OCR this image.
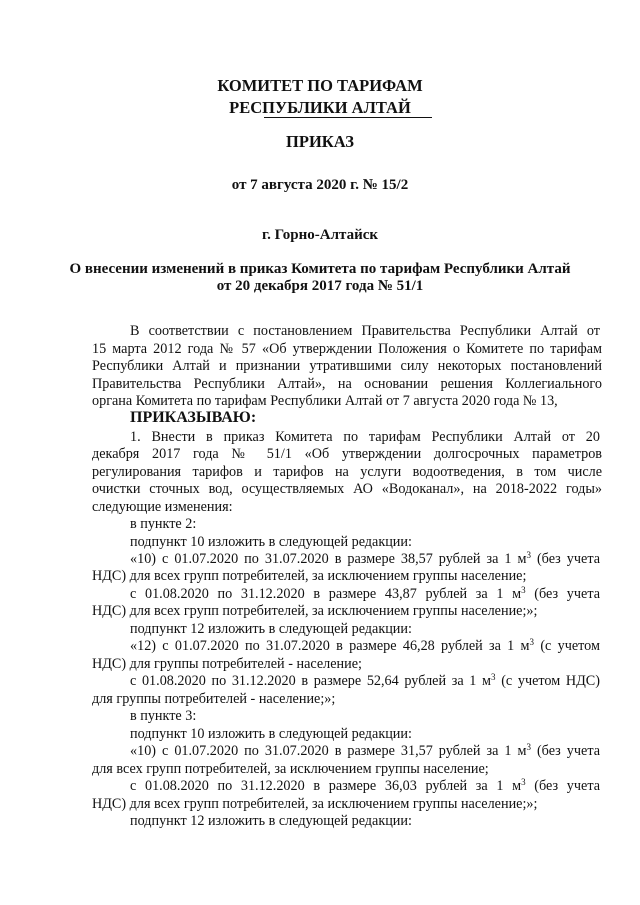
КОМИТЕТ ПО ТАРИФАМ
РЕСПУБЛИКИ АЛТАЙ
ПРИКАЗ
от 7 августа 2020 г. № 15/2
г. Горно-Алтайск
О внесении изменений в приказ Комитета по тарифам Республики Алтай
от 20 декабря 2017 года № 51/1
В соответствии с постановлением Правительства Республики Алтай от
15 марта 2012 года № 57 «Об утверждении Положения о Комитете по тарифам
Республики Алтай и признании утратившими силу некоторых постановлений
Правительства Республики Алтай», на основании решения Коллегиального
органа Комитета по тарифам Республики Алтай от 7 августа 2020 года № 13,
ПРИКАЗЫВАЮ:
1. Внести в приказ Комитета по тарифам Республики Алтай от 20
декабря 2017 года № 51/1 «Об утверждении долгосрочных параметров
регулирования тарифов и тарифов на услуги водоотведения, в том числе
очистки сточных вод, осуществляемых АО «Водоканал», на 2018-2022 годы»
следующие изменения:
в пункте 2:
подпункт 10 изложить в следующей редакции:
«10) с 01.07.2020 по 31.07.2020 в размере 38,57 рублей за 1 $м^3$ (без учета
НДС) для всех групп потребителей, за исключением группы население;
с 01.08.2020 по 31.12.2020 в размере 43,87 рублей за 1 $м^3$ (без учета
НДС) для всех групп потребителей, за исключением группы население;»;
подпункт 12 изложить в следующей редакции:
«12) с 01.07.2020 по 31.07.2020 в размере 46,28 рублей за 1 $м^3$ (с учетом
НДС) для группы потребителей - население;
с 01.08.2020 по 31.12.2020 в размере 52,64 рублей за 1 $м^3$ (с учетом НДС)
для группы потребителей - население;»;
в пункте 3:
подпункт 10 изложить в следующей редакции:
«10) с 01.07.2020 по 31.07.2020 в размере 31,57 рублей за 1 $м^3$ (без учета
для всех групп потребителей, за исключением группы население;
с 01.08.2020 по 31.12.2020 в размере 36,03 рублей за 1 $м^3$ (без учета
НДС) для всех групп потребителей, за исключением группы население;»;
подпункт 12 изложить в следующей редакции:
